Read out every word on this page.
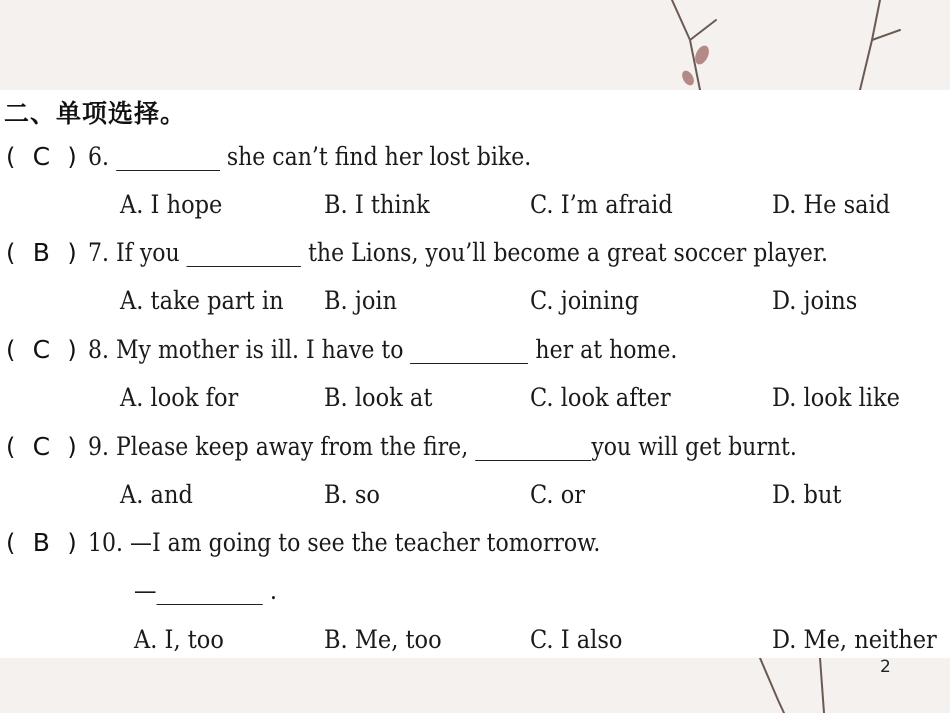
二、单项选择。
( C ) 6.	she can’t find her lost bike.
A. I hope	B. I think	C. I’m afraid	D. He said
( B ) 7. If you	the Lions, you’ll become a great soccer player.
A. take part in B. join	C. joining	D. joins
( C ) 8. My mother is ill. I have to	her at home.
A. look for	B. look at	C. look after	D. look like
( C ) 9. Please keep away from the fire,	you will get burnt.
A. and	B. so	C. or	D. but
( B ) 10. —I am going to see the teacher tomorrow.
—	.
A. I, too	B. Me, too	C. I also	D. Me, neither
2
